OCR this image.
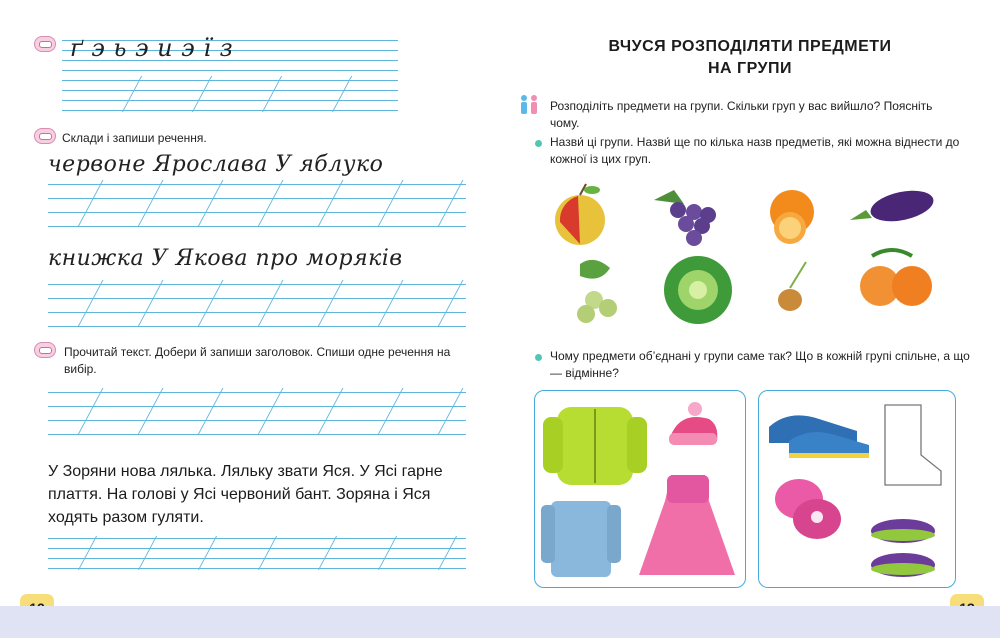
ґ э ь э и э ї з
Склади і запиши речення.
червоне Ярослава У яблуко
книжка У Якова про моряків
Прочитай текст. Добери й запиши заголовок. Спиши одне речення на вибір.
У Зоряни нова лялька. Ляльку звати Яся. У Ясі гарне плаття. На голові у Ясі червоний бант. Зоряна і Яся ходять разом гуляти.
ВЧУСЯ РОЗПОДІЛЯТИ ПРЕДМЕТИ
НА ГРУПИ
Розподіліть предмети на групи. Скільки груп у вас вийшло? Поясніть чому.
Назви́ ці групи. Назви́ ще по кілька назв предметів, які можна віднести до кожної із цих груп.
Чому предмети об’єднані у групи саме так? Що в кожній групі спільне, а що — відмінне?
